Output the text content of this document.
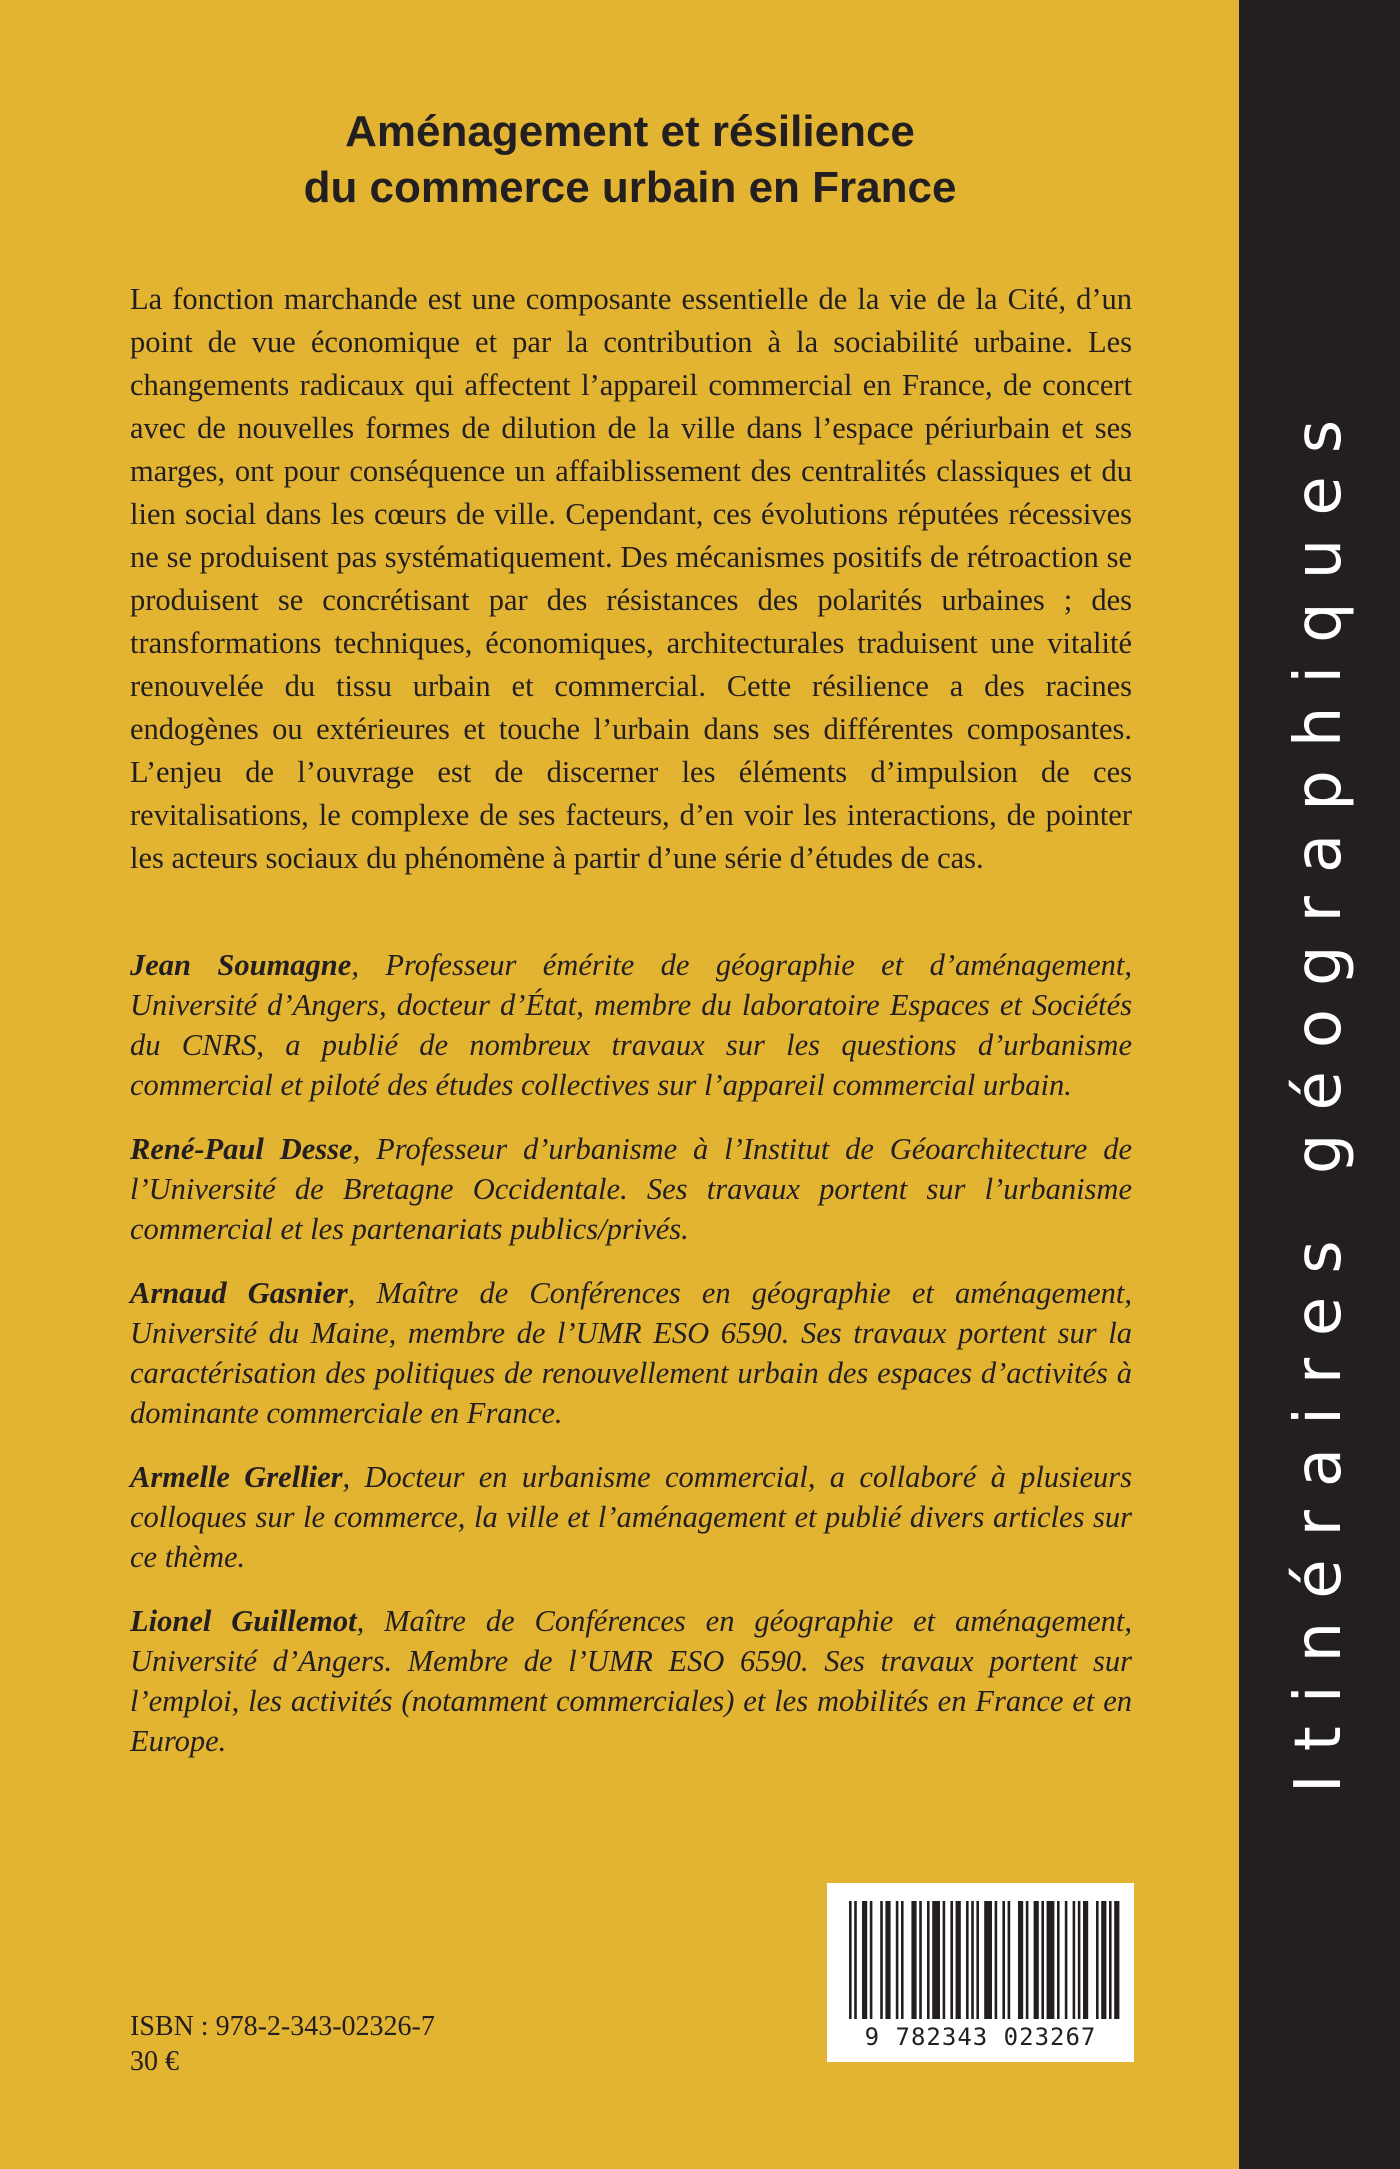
Aménagement et résilience
du commerce urbain en France

La fonction marchande est une composante essentielle de la vie de la Cité, d’un point de vue économique et par la contribution à la sociabilité urbaine. Les changements radicaux qui affectent l’appareil commercial en France, de concert avec de nouvelles formes de dilution de la ville dans l’espace périurbain et ses marges, ont pour conséquence un affaiblissement des centralités classiques et du lien social dans les cœurs de ville. Cependant, ces évolutions réputées récessives ne se produisent pas systématiquement. Des mécanismes positifs de rétroaction se produisent se concrétisant par des résistances des polarités urbaines ; des transformations techniques, économiques, architecturales traduisent une vitalité renouvelée du tissu urbain et commercial. Cette résilience a des racines endogènes ou extérieures et touche l’urbain dans ses différentes composantes. L’enjeu de l’ouvrage est de discerner les éléments d’impulsion de ces revitalisations, le complexe de ses facteurs, d’en voir les interactions, de pointer les acteurs sociaux du phénomène à partir d’une série d’études de cas.

Jean Soumagne, Professeur émérite de géographie et d’aménagement, Université d’Angers, docteur d’État, membre du laboratoire Espaces et Sociétés du CNRS, a publié de nombreux travaux sur les questions d’urbanisme commercial et piloté des études collectives sur l’appareil commercial urbain.

René-Paul Desse, Professeur d’urbanisme à l’Institut de Géoarchitecture de l’Université de Bretagne Occidentale. Ses travaux portent sur l’urbanisme commercial et les partenariats publics/privés.

Arnaud Gasnier, Maître de Conférences en géographie et aménagement, Université du Maine, membre de l’UMR ESO 6590. Ses travaux portent sur la caractérisation des politiques de renouvellement urbain des espaces d’activités à dominante commerciale en France.

Armelle Grellier, Docteur en urbanisme commercial, a collaboré à plusieurs colloques sur le commerce, la ville et l’aménagement et publié divers articles sur ce thème.

Lionel Guillemot, Maître de Conférences en géographie et aménagement, Université d’Angers. Membre de l’UMR ESO 6590. Ses travaux portent sur l’emploi, les activités (notamment commerciales) et les mobilités en France et en Europe.

ISBN : 978-2-343-02326-7

30 €

9 782343 023267
Itinéraires géographiques
